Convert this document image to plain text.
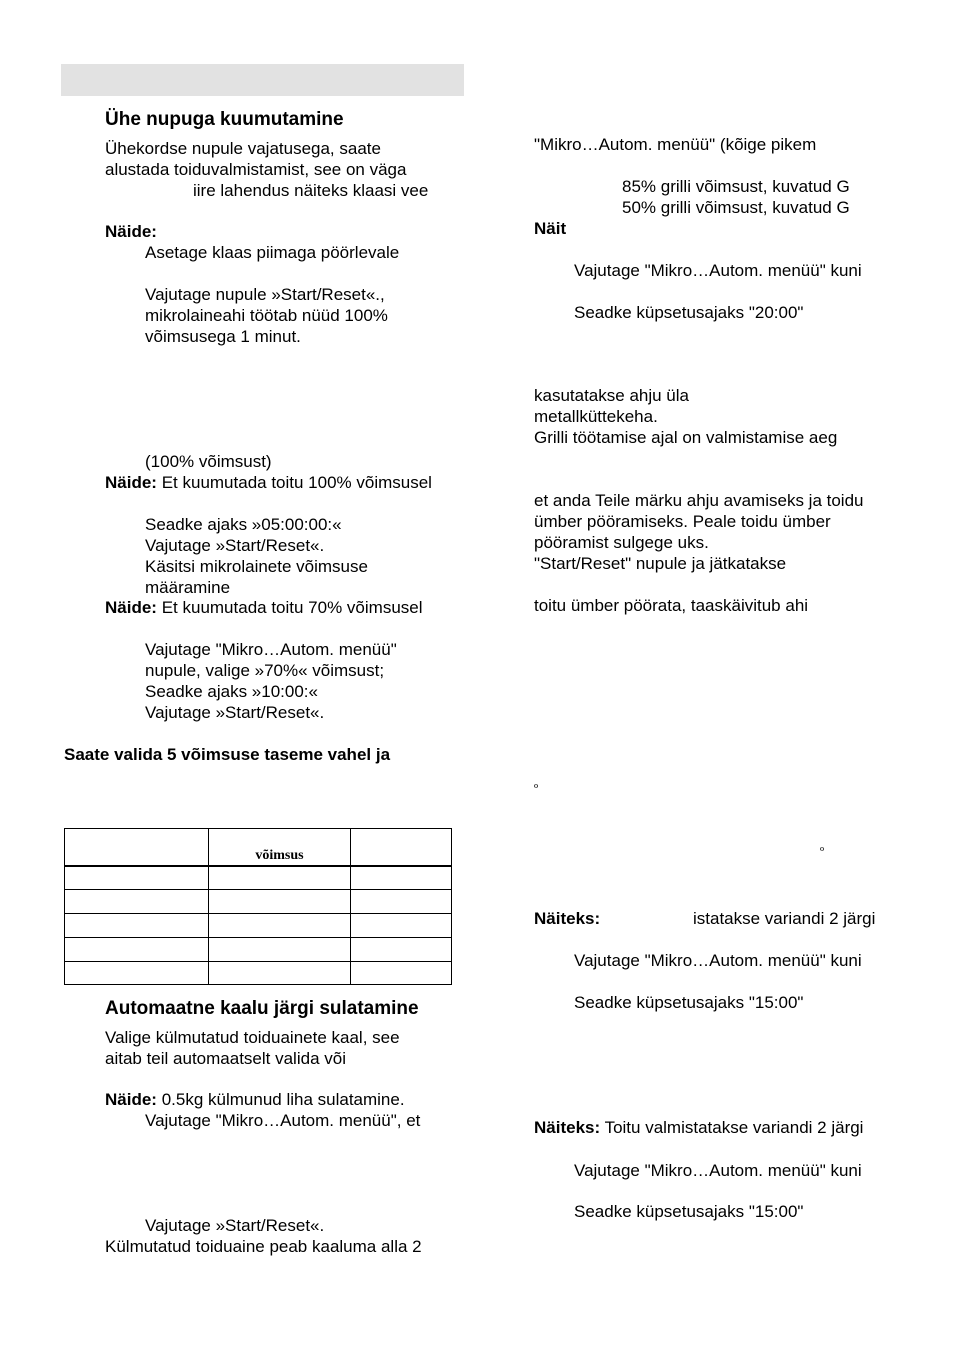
Ühe nupuga kuumutamine
Ühekordse nupule vajatusega, saate
alustada toiduvalmistamist, see on väga
iire lahendus näiteks klaasi vee
Näide:
Asetage klaas piimaga pöörlevale
Vajutage nupule »Start/Reset«.,
mikrolaineahi töötab nüüd 100%
võimsusega 1 minut.
(100% võimsust)
Näide: Et kuumutada toitu 100% võimsusel
Seadke ajaks »05:00:00:«
Vajutage »Start/Reset«.
Käsitsi mikrolainete võimsuse
määramine
Näide: Et kuumutada toitu 70% võimsusel
Vajutage "Mikro…Autom. menüü"
nupule, valige »70%« võimsust;
Seadke ajaks »10:00:«
Vajutage »Start/Reset«.
Saate valida 5 võimsuse taseme vahel ja
võimsus
Automaatne kaalu järgi sulatamine
Valige külmutatud toiduainete kaal, see
aitab teil automaatselt valida või
Näide: 0.5kg külmunud liha sulatamine.
Vajutage "Mikro…Autom. menüü", et
Vajutage »Start/Reset«.
Külmutatud toiduaine peab kaaluma alla 2
"Mikro…Autom. menüü" (kõige pikem
85% grilli võimsust, kuvatud G
50% grilli võimsust, kuvatud G
Näit
Vajutage "Mikro…Autom. menüü" kuni
Seadke küpsetusajaks "20:00"
kasutatakse ahju üla
metallküttekeha.
Grilli töötamise ajal on valmistamise aeg
et anda Teile märku ahju avamiseks ja toidu
ümber pööramiseks. Peale toidu ümber
pööramist sulgege uks.
"Start/Reset" nupule ja jätkatakse
toitu ümber pöörata, taaskäivitub ahi
º
º
Näiteks:	istatakse variandi 2 järgi
Vajutage "Mikro…Autom. menüü" kuni
Seadke küpsetusajaks "15:00"
Näiteks: Toitu valmistatakse variandi 2 järgi
Vajutage "Mikro…Autom. menüü" kuni
Seadke küpsetusajaks "15:00"
